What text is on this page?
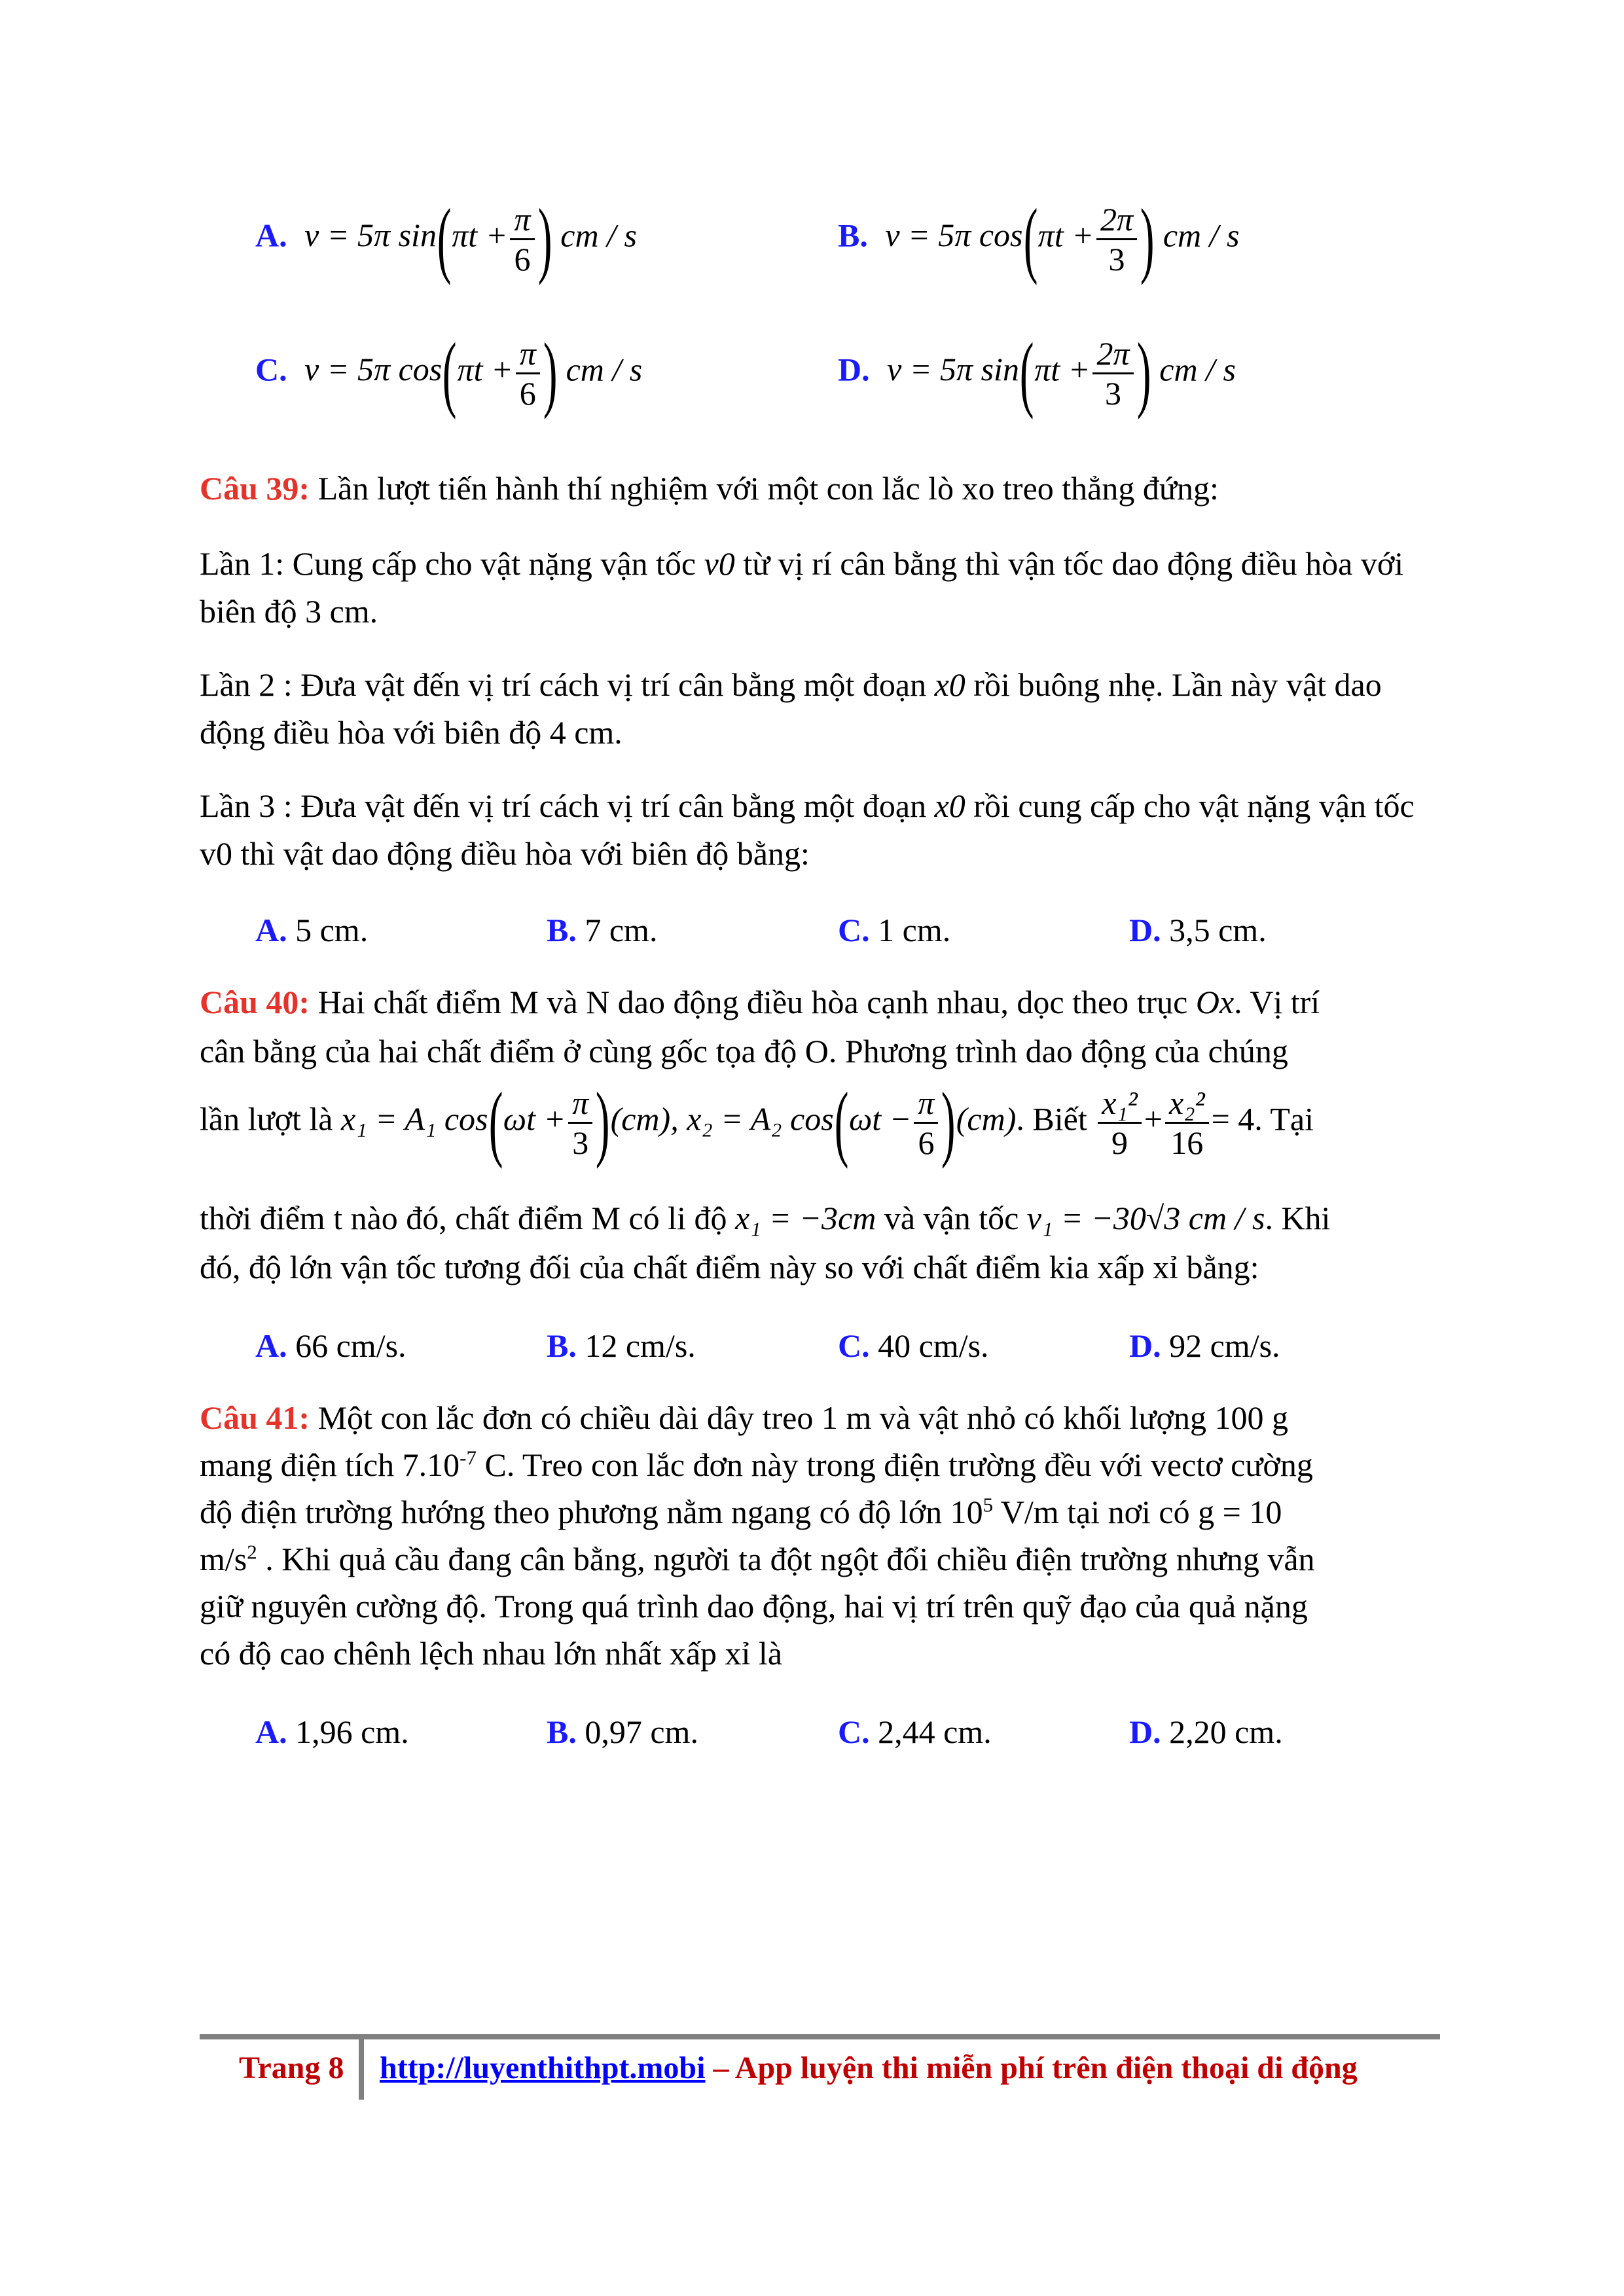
A. v = 5π $\sin(\pi t + \frac{\pi}{6}$ ) cm / s	B. v = 5π $\cos(\pi t + \frac{2\pi}{3}$ ) cm / s
C. v = 5π $\cos(\pi t + \frac{\pi}{6}$ ) cm / s	D. v = 5π $\sin(\pi t + \frac{2\pi}{3}$ ) cm / s
Câu 39: Lần lượt tiến hành thí nghiệm với một con lắc lò xo treo thẳng đứng:
Lần 1: Cung cấp cho vật nặng vận tốc v0 từ vị rí cân bằng thì vận tốc dao động điều hòa với biên độ 3 cm.
Lần 2 : Đưa vật đến vị trí cách vị trí cân bằng một đoạn x0 rồi buông nhẹ. Lần này vật dao động điều hòa với biên độ 4 cm.
Lần 3 : Đưa vật đến vị trí cách vị trí cân bằng một đoạn x0 rồi cung cấp cho vật nặng vận tốc v0 thì vật dao động điều hòa với biên độ bằng:
A. 5 cm.	B. 7 cm.	C. 1 cm.	D. 3,5 cm.
Câu 40: Hai chất điểm M và N dao động điều hòa cạnh nhau, dọc theo trục Ox. Vị trí
cân bằng của hai chất điểm ở cùng gốc tọa độ O. Phương trình dao động của chúng
lần lượt là x₁ = A₁ $\cos(\omega t + \frac{\pi}{3} )(cm)$, x₂ = A₂ $\cos(\omega t - \frac{\pi}{6} )(cm)$. Biết $\frac{\text{x₁²}}{9} + \frac{\text{x₂²}}{16} = 4$. Tại
thời điểm t nào đó, chất điểm M có li độ x₁ = −3cm và vận tốc v₁ = −30√3 cm / s. Khi
đó, độ lớn vận tốc tương đối của chất điểm này so với chất điểm kia xấp xỉ bằng:
A. 66 cm/s.	B. 12 cm/s.	C. 40 cm/s.	D. 92 cm/s.
Câu 41: Một con lắc đơn có chiều dài dây treo 1 m và vật nhỏ có khối lượng 100 g
mang điện tích $7.10^{-7}$ C. Treo con lắc đơn này trong điện trường đều với vectơ cường
độ điện trường hướng theo phương nằm ngang có độ lớn $10^5$ V/m tại nơi có g = 10
$m/s^2$ . Khi quả cầu đang cân bằng, người ta đột ngột đổi chiều điện trường nhưng vẫn
giữ nguyên cường độ. Trong quá trình dao động, hai vị trí trên quỹ đạo của quả nặng
có độ cao chênh lệch nhau lớn nhất xấp xỉ là
A. 1,96 cm.	B. 0,97 cm.	C. 2,44 cm.	D. 2,20 cm.
Trang 8 http://luyenthithpt.mobi – App luyện thi miễn phí trên điện thoại di động
